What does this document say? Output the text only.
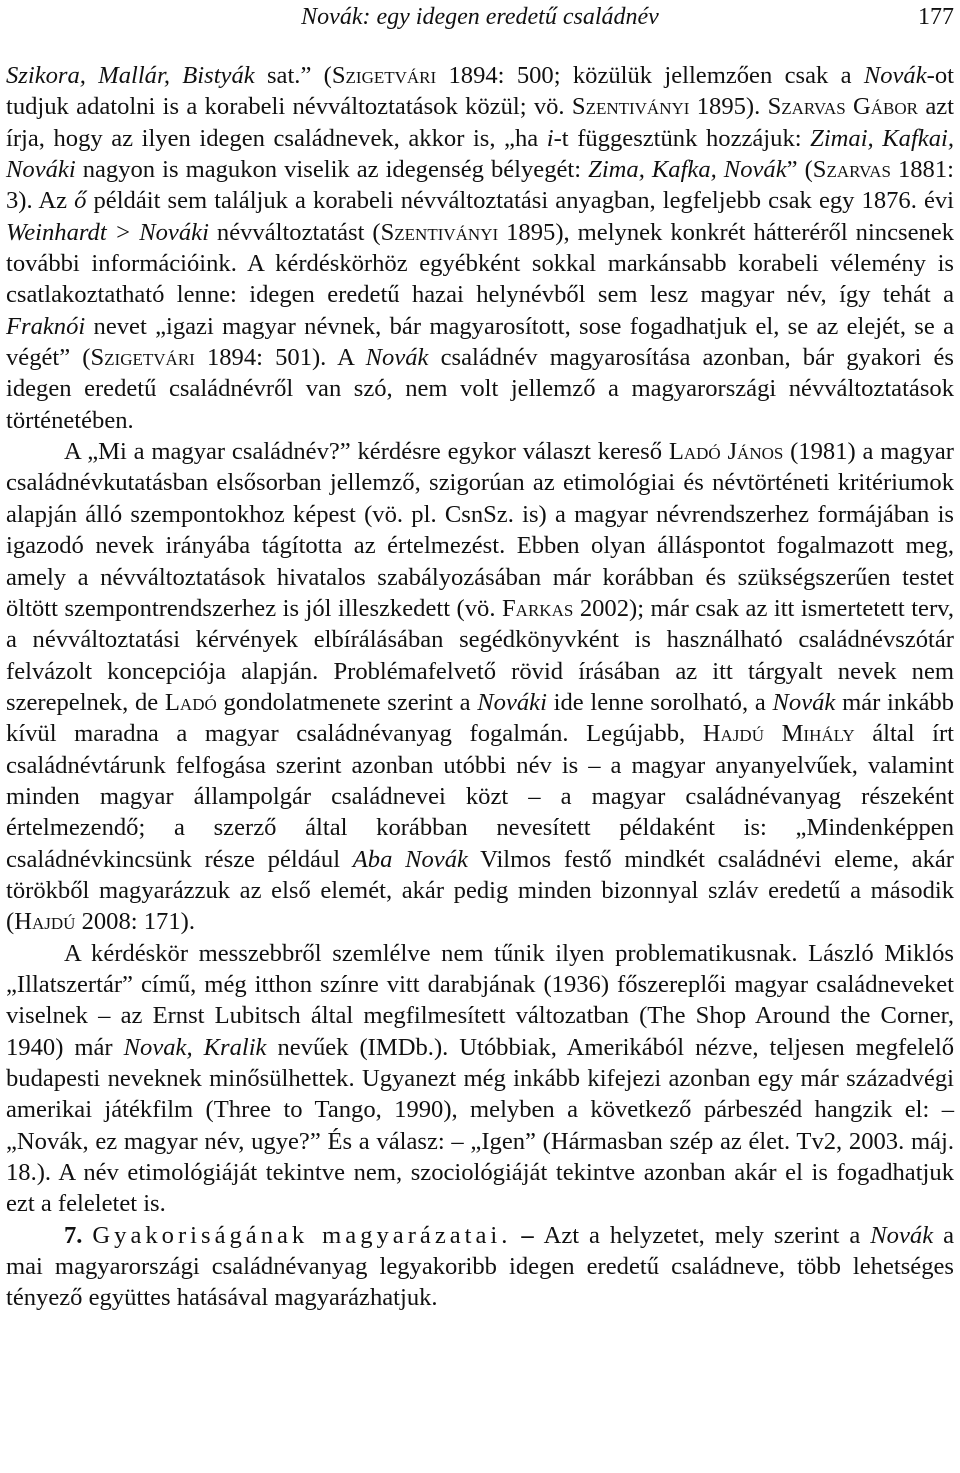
Novák: egy idegen eredetű családnév	177

Szikora, Mallár, Bistyák sat.” (Szigetvári 1894: 500; közülük jellemzően csak a Novák-ot tudjuk adatolni is a korabeli névváltoztatások közül; vö. Szentiványi 1895). Szarvas Gábor azt írja, hogy az ilyen idegen családnevek, akkor is, „ha i-t függesztünk hozzájuk: Zimai, Kafkai, Nováki nagyon is magukon viselik az idegenség bélyegét: Zima, Kafka, Novák” (Szarvas 1881: 3). Az ő példáit sem találjuk a korabeli névváltoztatási anyagban, legfeljebb csak egy 1876. évi Weinhardt > Nováki névváltoztatást (Szentiványi 1895), melynek konkrét hátteréről nincsenek további információink. A kérdéskörhöz egyébként sokkal markánsabb korabeli vélemény is csatlakoztatható lenne: idegen eredetű hazai helynévből sem lesz magyar név, így tehát a Fraknói nevet „igazi magyar névnek, bár magyarosított, sose fogadhatjuk el, se az elejét, se a végét” (Szigetvári 1894: 501). A Novák családnév magyarosítása azonban, bár gyakori és idegen eredetű családnévről van szó, nem volt jellemző a magyarországi névváltoztatások történetében.

A „Mi a magyar családnév?” kérdésre egykor választ kereső Ladó János (1981) a magyar családnévkutatásban elsősorban jellemző, szigorúan az etimológiai és névtörténeti kritériumok alapján álló szempontokhoz képest (vö. pl. CsnSz. is) a magyar névrendszerhez formájában is igazodó nevek irányába tágította az értelmezést. Ebben olyan álláspontot fogalmazott meg, amely a névváltoztatások hivatalos szabályozásában már korábban és szükségszerűen testet öltött szempontrendszerhez is jól illeszkedett (vö. Farkas 2002); már csak az itt ismertetett terv, a névváltoztatási kérvények elbírálásában segédkönyvként is használható családnévszótár felvázolt koncepciója alapján. Problémafelvető rövid írásában az itt tárgyalt nevek nem szerepelnek, de Ladó gondolatmenete szerint a Nováki ide lenne sorolható, a Novák már inkább kívül maradna a magyar családnévanyag fogalmán. Legújabb, Hajdú Mihály által írt családnévtárunk felfogása szerint azonban utóbbi név is – a magyar anyanyelvűek, valamint minden magyar állampolgár családnevei közt – a magyar családnévanyag részeként értelmezendő; a szerző által korábban nevesített példaként is: „Mindenképpen családnévkincsünk része például Aba Novák Vilmos festő mindkét családnévi eleme, akár törökből magyarázzuk az első elemét, akár pedig minden bizonnyal szláv eredetű a második (Hajdú 2008: 171).

A kérdéskör messzebbről szemlélve nem tűnik ilyen problematikusnak. László Miklós „Illatszertár” című, még itthon színre vitt darabjának (1936) főszereplői magyar családneveket viselnek – az Ernst Lubitsch által megfilmesített változatban (The Shop Around the Corner, 1940) már Novak, Kralik nevűek (IMDb.). Utóbbiak, Amerikából nézve, teljesen megfelelő budapesti neveknek minősülhettek. Ugyanezt még inkább kifejezi azonban egy már századvégi amerikai játékfilm (Three to Tango, 1990), melyben a következő párbeszéd hangzik el: – „Novák, ez magyar név, ugye?” És a válasz: – „Igen” (Hármasban szép az élet. Tv2, 2003. máj. 18.). A név etimológiáját tekintve nem, szociológiáját tekintve azonban akár el is fogadhatjuk ezt a feleletet is.

7. Gyakoriságának magyarázatai. – Azt a helyzetet, mely szerint a Novák a mai magyarországi családnévanyag legyakoribb idegen eredetű családneve, több lehetséges tényező együttes hatásával magyarázhatjuk.
